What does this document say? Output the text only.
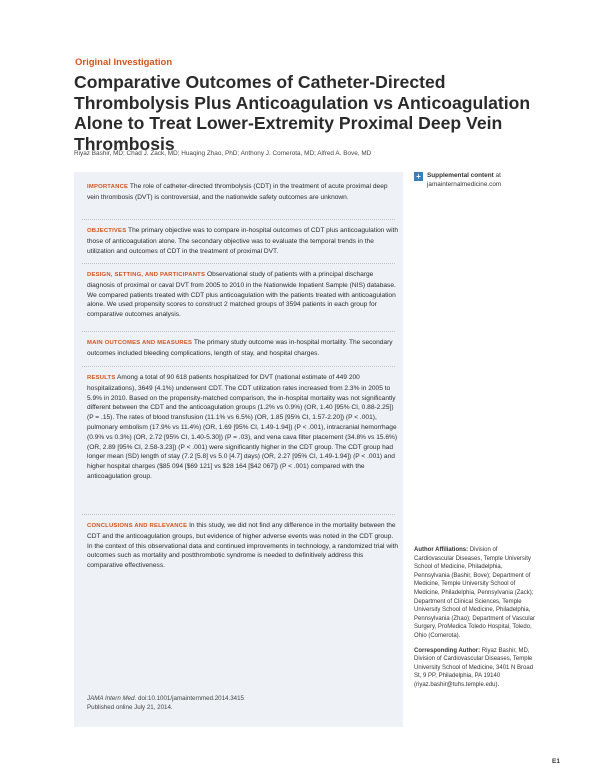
Original Investigation
Comparative Outcomes of Catheter-Directed Thrombolysis Plus Anticoagulation vs Anticoagulation Alone to Treat Lower-Extremity Proximal Deep Vein Thrombosis
Riyaz Bashir, MD; Chad J. Zack, MD; Huaqing Zhao, PhD; Anthony J. Comerota, MD; Alfred A. Bove, MD
IMPORTANCE The role of catheter-directed thrombolysis (CDT) in the treatment of acute proximal deep vein thrombosis (DVT) is controversial, and the nationwide safety outcomes are unknown.
OBJECTIVES The primary objective was to compare in-hospital outcomes of CDT plus anticoagulation with those of anticoagulation alone. The secondary objective was to evaluate the temporal trends in the utilization and outcomes of CDT in the treatment of proximal DVT.
DESIGN, SETTING, AND PARTICIPANTS Observational study of patients with a principal discharge diagnosis of proximal or caval DVT from 2005 to 2010 in the Nationwide Inpatient Sample (NIS) database. We compared patients treated with CDT plus anticoagulation with the patients treated with anticoagulation alone. We used propensity scores to construct 2 matched groups of 3594 patients in each group for comparative outcomes analysis.
MAIN OUTCOMES AND MEASURES The primary study outcome was in-hospital mortality. The secondary outcomes included bleeding complications, length of stay, and hospital charges.
RESULTS Among a total of 90 618 patients hospitalized for DVT (national estimate of 449 200 hospitalizations), 3649 (4.1%) underwent CDT. The CDT utilization rates increased from 2.3% in 2005 to 5.9% in 2010. Based on the propensity-matched comparison, the in-hospital mortality was not significantly different between the CDT and the anticoagulation groups (1.2% vs 0.9%) (OR, 1.40 [95% CI, 0.88-2.25]) (P = .15). The rates of blood transfusion (11.1% vs 6.5%) (OR, 1.85 [95% CI, 1.57-2.20]) (P < .001), pulmonary embolism (17.9% vs 11.4%) (OR, 1.69 [95% CI, 1.49-1.94]) (P < .001), intracranial hemorrhage (0.9% vs 0.3%) (OR, 2.72 [95% CI, 1.40-5.30]) (P = .03), and vena cava filter placement (34.8% vs 15.6%) (OR, 2.89 [95% CI, 2.58-3.23]) (P < .001) were significantly higher in the CDT group. The CDT group had longer mean (SD) length of stay (7.2 [5.8] vs 5.0 [4.7] days) (OR, 2.27 [95% CI, 1.49-1.94]) (P < .001) and higher hospital charges ($85 094 [$69 121] vs $28 164 [$42 067]) (P < .001) compared with the anticoagulation group.
CONCLUSIONS AND RELEVANCE In this study, we did not find any difference in the mortality between the CDT and the anticoagulation groups, but evidence of higher adverse events was noted in the CDT group. In the context of this observational data and continued improvements in technology, a randomized trial with outcomes such as mortality and postthrombotic syndrome is needed to definitively address this comparative effectiveness.
JAMA Intern Med. doi:10.1001/jamainternmed.2014.3415
Published online July 21, 2014.
+ Supplemental content at jamainternalmedicine.com

Author Affiliations: Division of Cardiovascular Diseases, Temple University School of Medicine, Philadelphia, Pennsylvania (Bashir, Bove); Department of Medicine, Temple University School of Medicine, Philadelphia, Pennsylvania (Zack); Department of Clinical Sciences, Temple University School of Medicine, Philadelphia, Pennsylvania (Zhao); Department of Vascular Surgery, ProMedica Toledo Hospital, Toledo, Ohio (Comerota).

Corresponding Author: Riyaz Bashir, MD, Division of Cardiovascular Diseases, Temple University School of Medicine, 3401 N Broad St, 9 PP, Philadelphia, PA 19140 (riyaz.bashir@tuhs.temple.edu).

E1
